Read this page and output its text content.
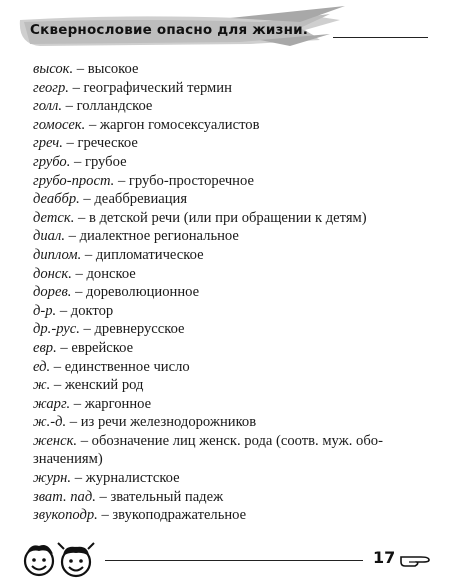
Сквернословие опасно для жизни.
высок. – высокое
геогр. – географический термин
голл. – голландское
гомосек. – жаргон гомосексуалистов
греч. – греческое
грубо. – грубое
грубо-прост. – грубо-просторечное
деаббр. – деаббревиация
детск. – в детской речи (или при обращении к детям)
диал. – диалектное региональное
диплом. – дипломатическое
донск. – донское
дорев. – дореволюционное
д-р. – доктор
др.-рус. – древнерусское
евр. – еврейское
ед. – единственное число
ж. – женский род
жарг. – жаргонное
ж.-д. – из речи железнодорожников
женск. – обозначение лиц женск. рода (соотв. муж. обо-
значениям)
журн. – журналистское
зват. пад. – звательный падеж
звукоподр. – звукоподражательное
17
